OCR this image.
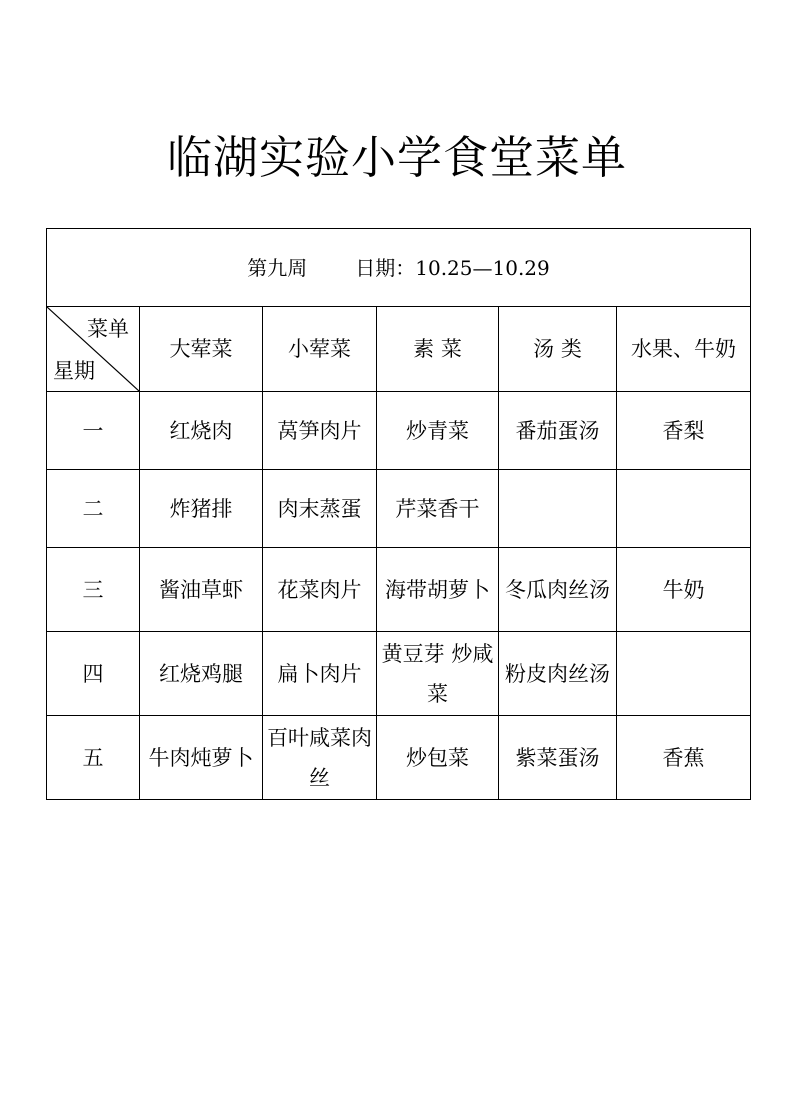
临湖实验小学食堂菜单
第九周 日期：10.25—10.29					

菜单
星期	大荤菜	小荤菜	素 菜	汤 类	水果、牛奶
一	红烧肉	莴笋肉片	炒青菜	番茄蛋汤	香梨
二	炸猪排	肉末蒸蛋	芹菜香干		
三	酱油草虾	花菜肉片	海带胡萝卜	冬瓜肉丝汤	牛奶
四	红烧鸡腿	扁卜肉片	黄豆芽 炒咸菜	粉皮肉丝汤	
五	牛肉炖萝卜	百叶咸菜肉丝	炒包菜	紫菜蛋汤	香蕉
